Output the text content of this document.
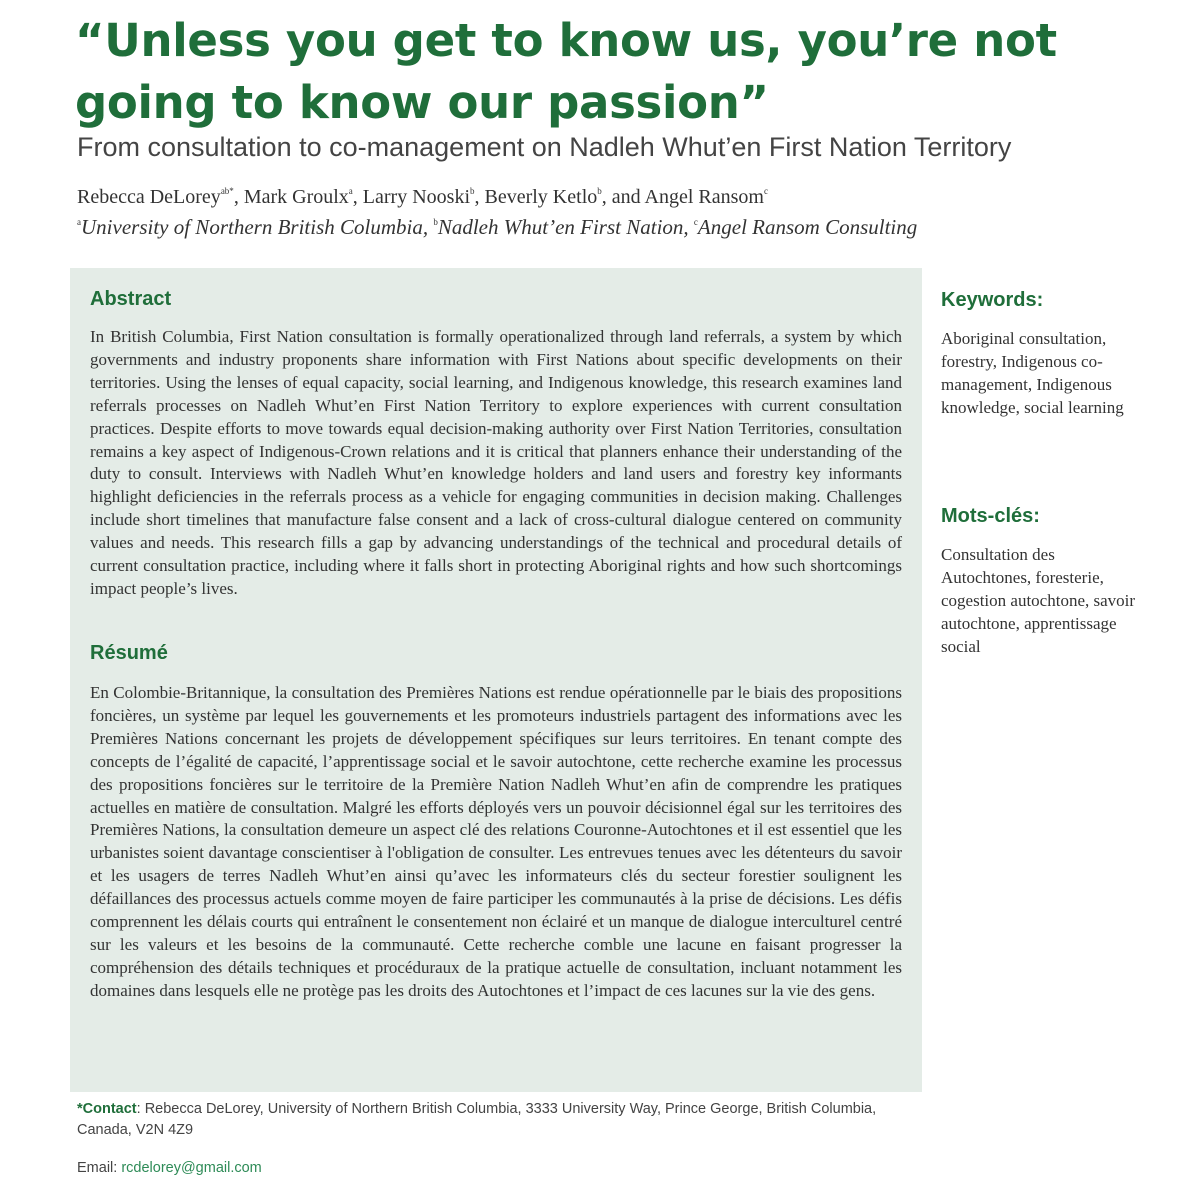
“Unless you get to know us, you’re not going to know our passion”

From consultation to co-management on Nadleh Whut’en First Nation Territory

Rebecca DeLorey$^{ab*}$, Mark Groulx$^a$, Larry Nooski$^b$, Beverly Ketlo$^b$, and Angel Ransom$^c$

$^a$University of Northern British Columbia, $^b$Nadleh Whut’en First Nation, $^c$Angel Ransom Consulting

Abstract

In British Columbia, First Nation consultation is formally operationalized through land referrals, a system by which governments and industry proponents share information with First Nations about specific developments on their territories. Using the lenses of equal capacity, social learning, and Indigenous knowledge, this research examines land referrals processes on Nadleh Whut’en First Nation Territory to explore experiences with current consultation practices. Despite efforts to move towards equal decision-making authority over First Nation Territories, consultation remains a key aspect of Indigenous-Crown relations and it is critical that planners enhance their understanding of the duty to consult. Interviews with Nadleh Whut’en knowledge holders and land users and forestry key informants highlight deficiencies in the referrals process as a vehicle for engaging communities in decision making. Challenges include short timelines that manufacture false consent and a lack of cross-cultural dialogue centered on community values and needs. This research fills a gap by advancing understandings of the technical and procedural details of current consultation practice, including where it falls short in protecting Aboriginal rights and how such shortcomings impact people’s lives.

Résumé

En Colombie-Britannique, la consultation des Premières Nations est rendue opérationnelle par le biais des propositions foncières, un système par lequel les gouvernements et les promoteurs industriels partagent des informations avec les Premières Nations concernant les projets de développement spécifiques sur leurs territoires. En tenant compte des concepts de l’égalité de capacité, l’apprentissage social et le savoir autochtone, cette recherche examine les processus des propositions foncières sur le territoire de la Première Nation Nadleh Whut’en afin de comprendre les pratiques actuelles en matière de consultation. Malgré les efforts déployés vers un pouvoir décisionnel égal sur les territoires des Premières Nations, la consultation demeure un aspect clé des relations Couronne-Autochtones et il est essentiel que les urbanistes soient davantage conscientiser à l'obligation de consulter. Les entrevues tenues avec les détenteurs du savoir et les usagers de terres Nadleh Whut’en ainsi qu’avec les informateurs clés du secteur forestier soulignent les défaillances des processus actuels comme moyen de faire participer les communautés à la prise de décisions. Les défis comprennent les délais courts qui entraînent le consentement non éclairé et un manque de dialogue interculturel centré sur les valeurs et les besoins de la communauté. Cette recherche comble une lacune en faisant progresser la compréhension des détails techniques et procéduraux de la pratique actuelle de consultation, incluant notamment les domaines dans lesquels elle ne protège pas les droits des Autochtones et l’impact de ces lacunes sur la vie des gens.

Keywords:

Aboriginal consultation, forestry, Indigenous co-management, Indigenous knowledge, social learning

Mots-clés:

Consultation des Autochtones, foresterie, cogestion autochtone, savoir autochtone, apprentissage social

*Contact: Rebecca DeLorey, University of Northern British Columbia, 3333 University Way, Prince George, British Columbia, Canada, V2N 4Z9

Email: rcdelorey@gmail.com
